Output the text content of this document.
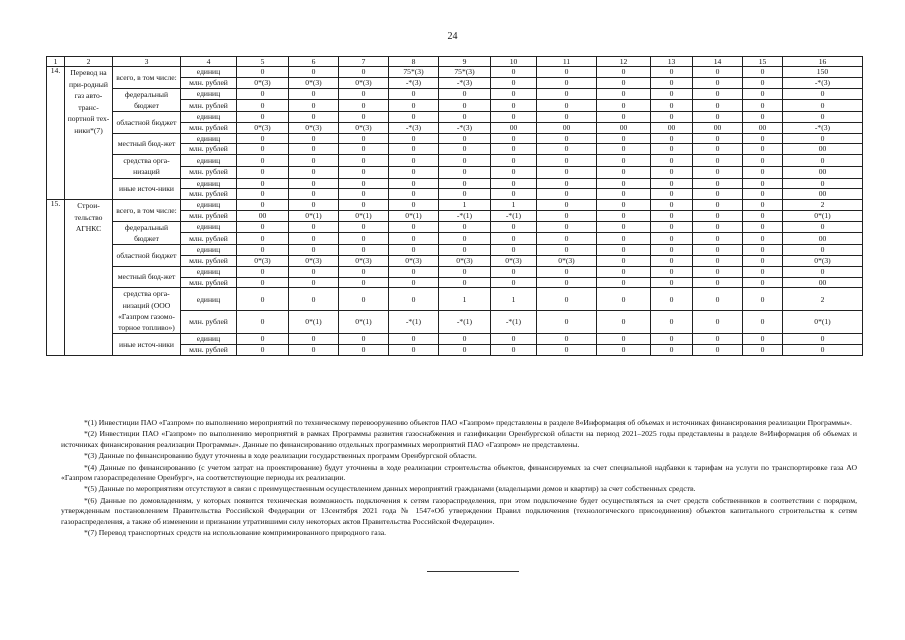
24
1	2	3	4	5	6	7	8	9	10	11	12	13	14	15	16
14.	Перевод на при-родный газ авто-транс-портной тех-ники*(7)	всего, в том числе:	единиц	0	0	0	75*(3)	75*(3)	0	0	0	0	0	0	150
			млн. рублей	0*(3)	0*(3)	0*(3)	-*(3)	-*(3)	0	0	0	0	0	0	-*(3)
		федеральный бюджет	единиц	0	0	0	0	0	0	0	0	0	0	0	0
			млн. рублей	0	0	0	0	0	0	0	0	0	0	0	0
		областной бюджет	единиц	0	0	0	0	0	0	0	0	0	0	0	0
			млн. рублей	0*(3)	0*(3)	0*(3)	-*(3)	-*(3)	00	00	00	00	00	00	-*(3)
		местный бюд-жет	единиц	0	0	0	0	0	0	0	0	0	0	0	0
			млн. рублей	0	0	0	0	0	0	0	0	0	0	0	00
		средства орга-низаций	единиц	0	0	0	0	0	0	0	0	0	0	0	0
			млн. рублей	0	0	0	0	0	0	0	0	0	0	0	00
		иные источ-ники	единиц	0	0	0	0	0	0	0	0	0	0	0	0
			млн. рублей	0	0	0	0	0	0	0	0	0	0	0	00
15.	Строи-тельство АГНКС	всего, в том числе:	единиц	0	0	0	0	1	1	0	0	0	0	0	2
			млн. рублей	00	0*(1)	0*(1)	0*(1)	-*(1)	-*(1)	0	0	0	0	0	0*(1)
		федеральный бюджет	единиц	0	0	0	0	0	0	0	0	0	0	0	0
			млн. рублей	0	0	0	0	0	0	0	0	0	0	0	00
		областной бюджет	единиц	0	0	0	0	0	0	0	0	0	0	0	0
			млн. рублей	0*(3)	0*(3)	0*(3)	0*(3)	0*(3)	0*(3)	0*(3)	0	0	0	0	0*(3)
		местный бюд-жет	единиц	0	0	0	0	0	0	0	0	0	0	0	0
			млн. рублей	0	0	0	0	0	0	0	0	0	0	0	00
		средства орга-низаций (ООО «Газпром газомо-торное топливо»)	единиц	0	0	0	0	1	1	0	0	0	0	0	2
			млн. рублей	0	0*(1)	0*(1)	-*(1)	-*(1)	-*(1)	0	0	0	0	0	0*(1)
		иные источ-ники	единиц	0	0	0	0	0	0	0	0	0	0	0	0
			млн. рублей	0	0	0	0	0	0	0	0	0	0	0	0

*(1) Инвестиции ПАО «Газпром» по выполнению мероприятий по техническому перевооружению объектов ПАО «Газпром» представлены в разделе 8«Информация об объемах и источниках финансирования реализации Программы».

*(2) Инвестиции ПАО «Газпром» по выполнению мероприятий в рамках Программы развития газоснабжения и газификации Оренбургской области на период 2021–2025 годы представлены в разделе 8«Информация об объемах и источниках финансирования реализации Программы». Данные по финансированию отдельных программных мероприятий ПАО «Газпром» не представлены.

*(3) Данные по финансированию будут уточнены в ходе реализации государственных программ Оренбургской области.

*(4) Данные по финансированию (с учетом затрат на проектирование) будут уточнены в ходе реализации строительства объектов, финансируемых за счет специальной надбавки к тарифам на услуги по транспортировке газа АО «Газпром газораспределение Оренбург», на соответствующие периоды их реализации.

*(5) Данные по мероприятиям отсутствуют в связи с преимущественным осуществлением данных мероприятий гражданами (владельцами домов и квартир) за счет собственных средств.

*(6) Данные по домовладениям, у которых появится техническая возможность подключения к сетям газораспределения, при этом подключение будет осуществляться за счет средств собственников в соответствии с порядком, утвержденным постановлением Правительства Российской Федерации от 13сентября 2021 года № 1547«Об утверждении Правил подключения (технологического присоединения) объектов капитального строительства к сетям газораспределения, а также об изменении и признании утратившими силу некоторых актов Правительства Российской Федерации».

*(7) Перевод транспортных средств на использование компримированного природного газа.
